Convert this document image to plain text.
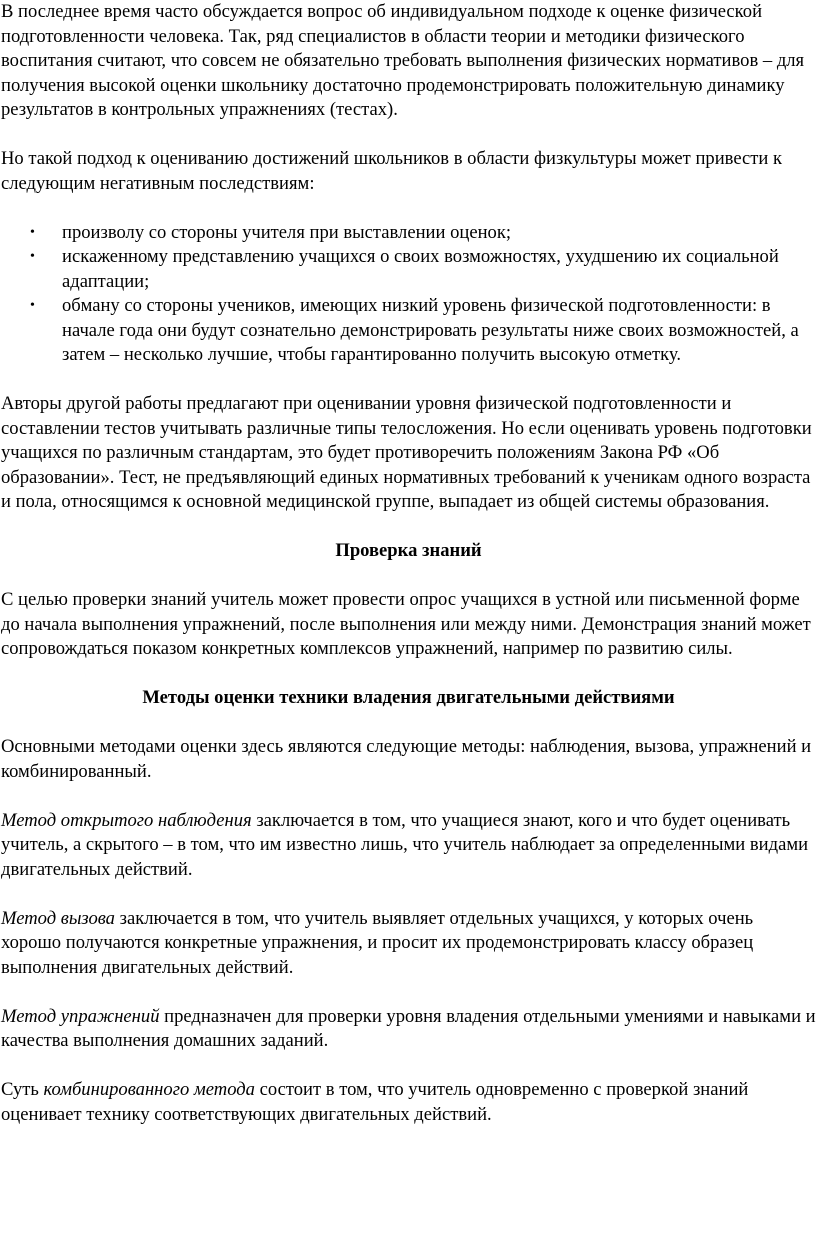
В последнее время часто обсуждается вопрос об индивидуальном подходе к оценке физической подготовленности человека. Так, ряд специалистов в области теории и методики физического воспитания считают, что совсем не обязательно требовать выполнения физических нормативов – для получения высокой оценки школьнику достаточно продемонстрировать положительную динамику результатов в контрольных упражнениях (тестах).

Но такой подход к оцениванию достижений школьников в области физкультуры может привести к следующим негативным последствиям:

• произволу со стороны учителя при выставлении оценок;
• искаженному представлению учащихся о своих возможностях, ухудшению их социальной адаптации;
• обману со стороны учеников, имеющих низкий уровень физической подготовленности: в начале года они будут сознательно демонстрировать результаты ниже своих возможностей, а затем – несколько лучшие, чтобы гарантированно получить высокую отметку.

Авторы другой работы предлагают при оценивании уровня физической подготовленности и составлении тестов учитывать различные типы телосложения. Но если оценивать уровень подготовки учащихся по различным стандартам, это будет противоречить положениям Закона РФ «Об образовании». Тест, не предъявляющий единых нормативных требований к ученикам одного возраста и пола, относящимся к основной медицинской группе, выпадает из общей системы образования.

Проверка знаний

С целью проверки знаний учитель может провести опрос учащихся в устной или письменной форме до начала выполнения упражнений, после выполнения или между ними. Демонстрация знаний может сопровождаться показом конкретных комплексов упражнений, например по развитию силы.

Методы оценки техники владения двигательными действиями

Основными методами оценки здесь являются следующие методы: наблюдения, вызова, упражнений и комбинированный.

Метод открытого наблюдения заключается в том, что учащиеся знают, кого и что будет оценивать учитель, а скрытого – в том, что им известно лишь, что учитель наблюдает за определенными видами двигательных действий.

Метод вызова заключается в том, что учитель выявляет отдельных учащихся, у которых очень хорошо получаются конкретные упражнения, и просит их продемонстрировать классу образец выполнения двигательных действий.

Метод упражнений предназначен для проверки уровня владения отдельными умениями и навыками и качества выполнения домашних заданий.

Суть комбинированного метода состоит в том, что учитель одновременно с проверкой знаний оценивает технику соответствующих двигательных действий.
